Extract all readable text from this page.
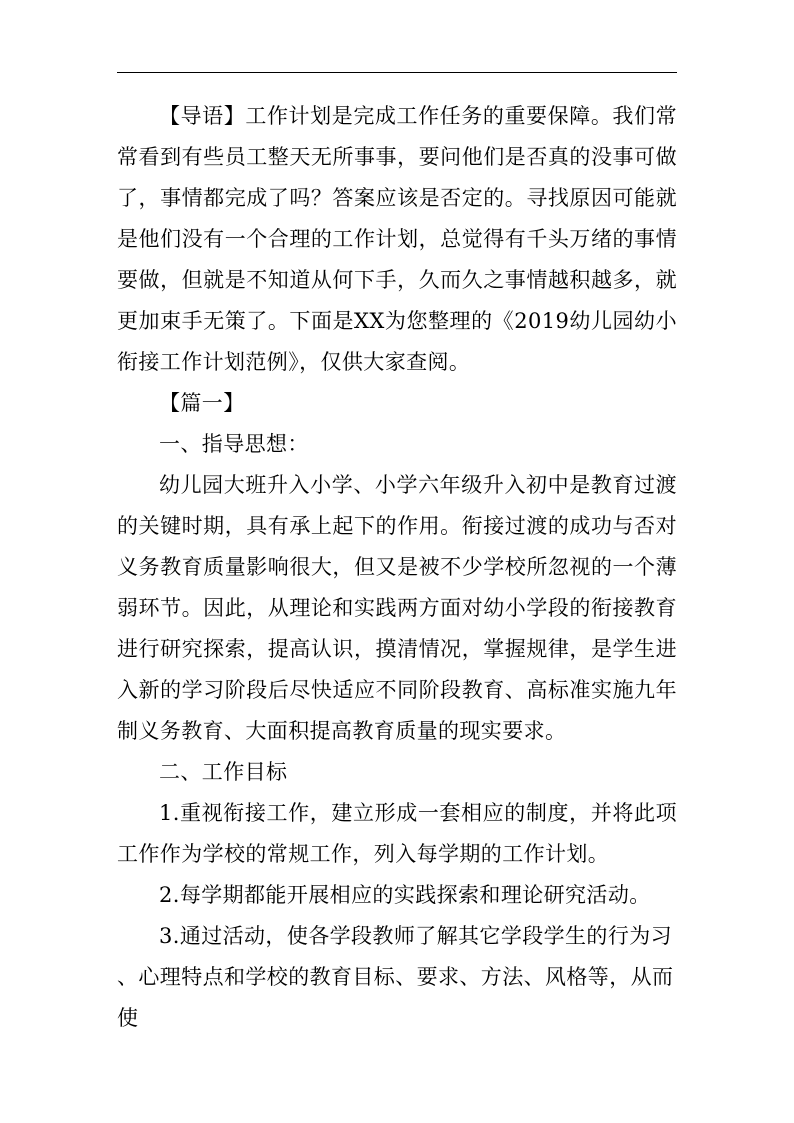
【导语】工作计划是完成工作任务的重要保障。我们常常看到有些员工整天无所事事，要问他们是否真的没事可做了，事情都完成了吗？答案应该是否定的。寻找原因可能就是他们没有一个合理的工作计划，总觉得有千头万绪的事情要做，但就是不知道从何下手，久而久之事情越积越多，就更加束手无策了。下面是XX为您整理的《2019幼儿园幼小衔接工作计划范例》，仅供大家查阅。

【篇一】

一、指导思想：

幼儿园大班升入小学、小学六年级升入初中是教育过渡的关键时期，具有承上起下的作用。衔接过渡的成功与否对义务教育质量影响很大，但又是被不少学校所忽视的一个薄弱环节。因此，从理论和实践两方面对幼小学段的衔接教育进行研究探索，提高认识，摸清情况，掌握规律，是学生进入新的学习阶段后尽快适应不同阶段教育、高标准实施九年制义务教育、大面积提高教育质量的现实要求。

二、工作目标

1.重视衔接工作，建立形成一套相应的制度，并将此项工作作为学校的常规工作，列入每学期的工作计划。

2.每学期都能开展相应的实践探索和理论研究活动。

3.通过活动，使各学段教师了解其它学段学生的行为习 、心理特点和学校的教育目标、要求、方法、风格等，从而使
